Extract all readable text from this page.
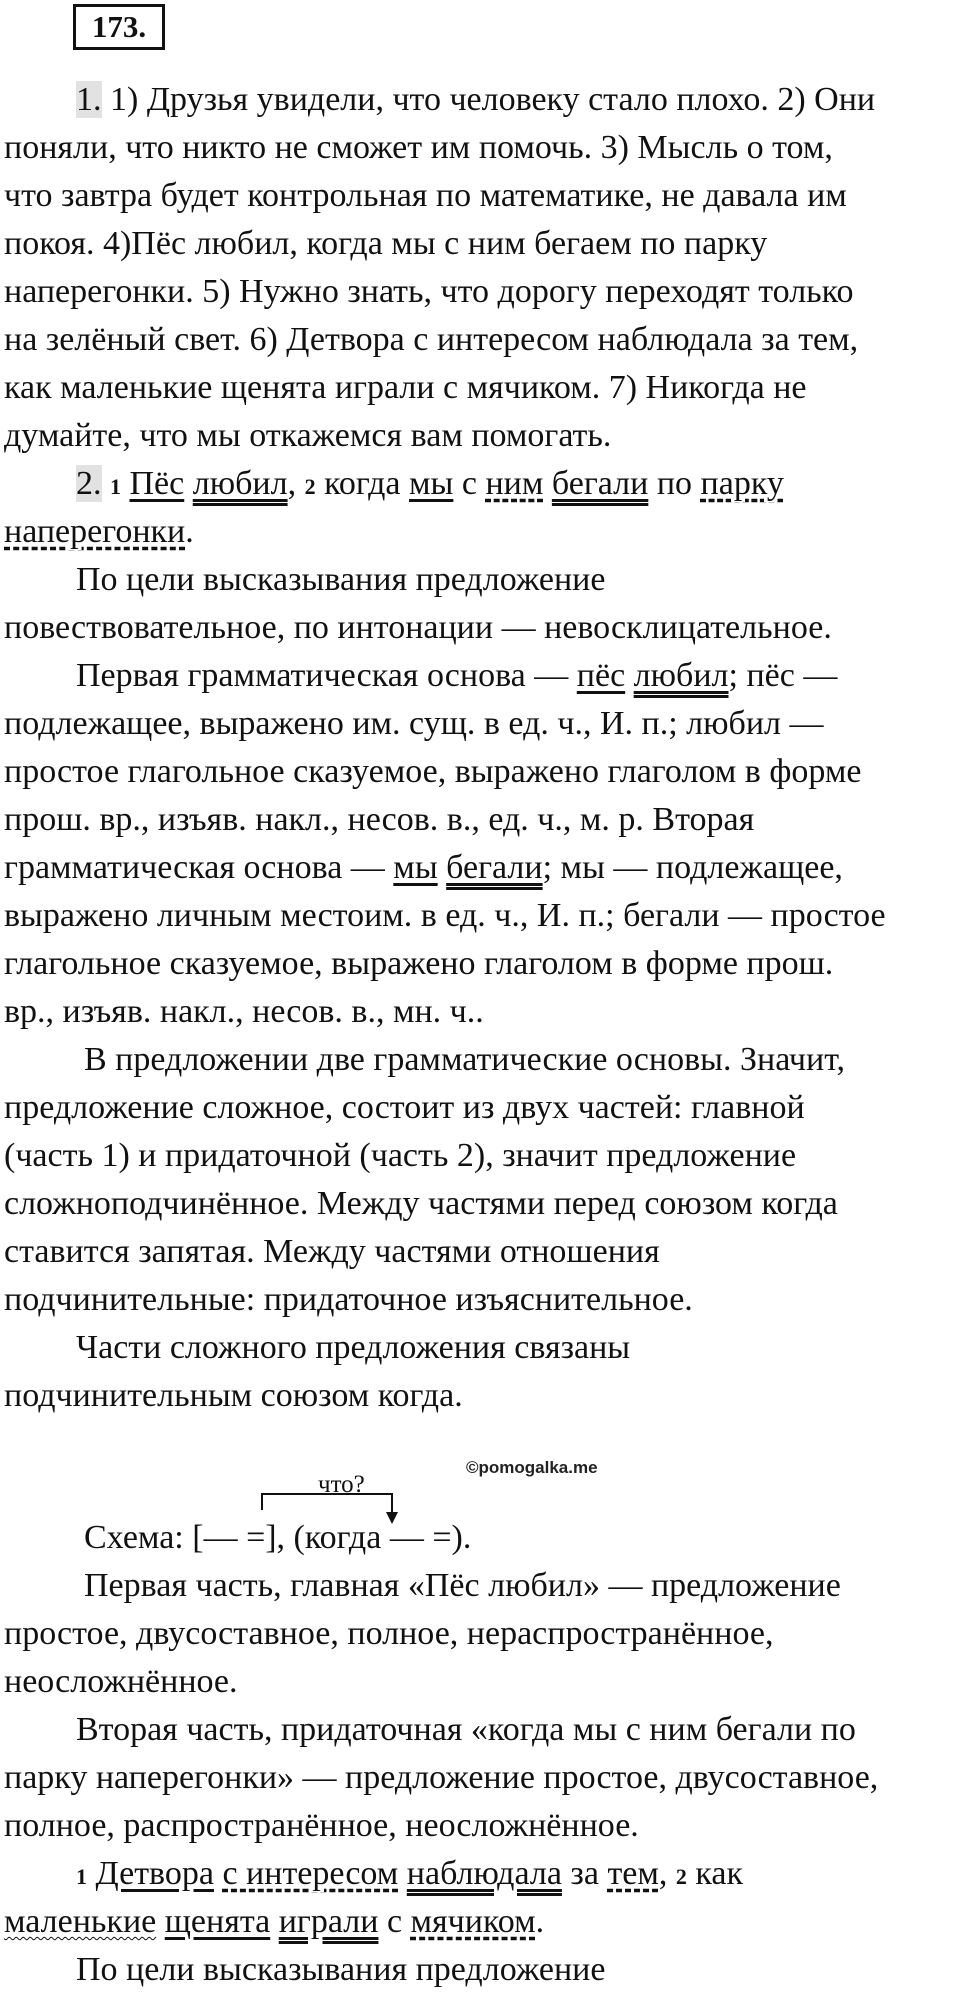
173.
1. 1) Друзья увидели, что человеку стало плохо. 2) Они
поняли, что никто не сможет им помочь. 3) Мысль о том,
что завтра будет контрольная по математике, не давала им
покоя. 4)Пёс любил, когда мы с ним бегаем по парку
наперегонки. 5) Нужно знать, что дорогу переходят только
на зелёный свет. 6) Детвора с интересом наблюдала за тем,
как маленькие щенята играли с мячиком. 7) Никогда не
думайте, что мы откажемся вам помогать.
2. 1 Пёс любил, 2 когда мы с ним бегали по парку
наперегонки.
По цели высказывания предложение
повествовательное, по интонации — невосклицательное.
Первая грамматическая основа — пёс любил; пёс —
подлежащее, выражено им. сущ. в ед. ч., И. п.; любил —
простое глагольное сказуемое, выражено глаголом в форме
прош. вр., изъяв. накл., несов. в., ед. ч., м. р. Вторая
грамматическая основа — мы бегали; мы — подлежащее,
выражено личным местоим. в ед. ч., И. п.; бегали — простое
глагольное сказуемое, выражено глаголом в форме прош.
вр., изъяв. накл., несов. в., мн. ч..
В предложении две грамматические основы. Значит,
предложение сложное, состоит из двух частей: главной
(часть 1) и придаточной (часть 2), значит предложение
сложноподчинённое. Между частями перед союзом когда
ставится запятая. Между частями отношения
подчинительные: придаточное изъяснительное.
Части сложного предложения связаны
подчинительным союзом когда.
©pomogalka.me
что?
Схема: [— =], (когда — =).
Первая часть, главная «Пёс любил» — предложение
простое, двусоставное, полное, нераспространённое,
неосложнённое.
Вторая часть, придаточная «когда мы с ним бегали по
парку наперегонки» — предложение простое, двусоставное,
полное, распространённое, неосложнённое.
1 Детвора с интересом наблюдала за тем, 2 как
маленькие щенята играли с мячиком.
По цели высказывания предложение
